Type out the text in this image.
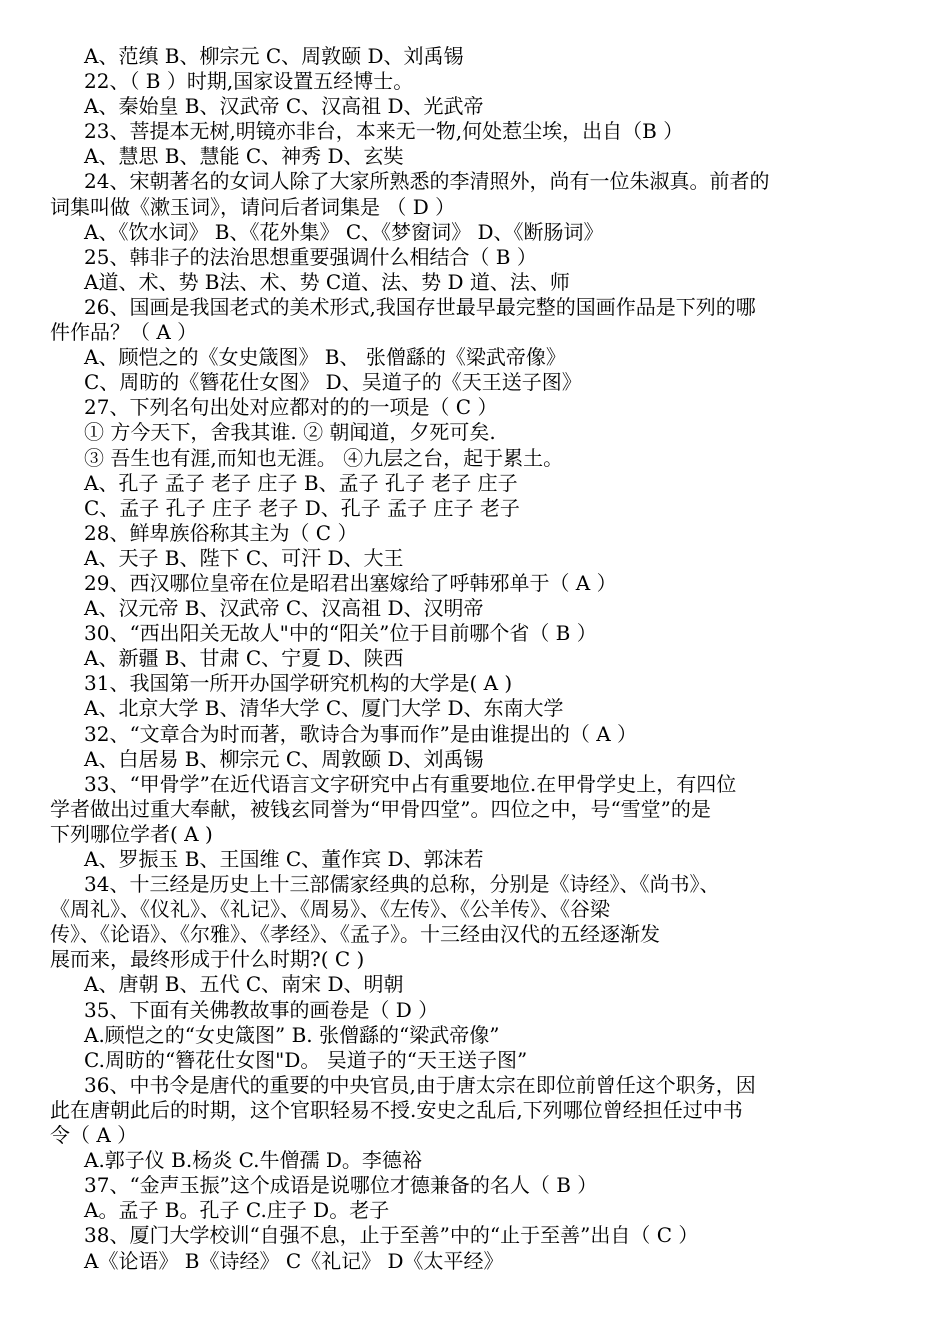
A、范缜 B、柳宗元 C、周敦颐 D、刘禹锡
22、（ B ）时期,国家设置五经博士。
A、秦始皇 B、汉武帝 C、汉高祖 D、光武帝
23、菩提本无树,明镜亦非台，本来无一物,何处惹尘埃，出自（B ）
A、慧思 B、慧能 C、神秀 D、玄奘
24、宋朝著名的女词人除了大家所熟悉的李清照外，尚有一位朱淑真。前者的
词集叫做《漱玉词》，请问后者词集是 （ D ）
A、《饮水词》 B、《花外集》 C、《梦窗词》 D、《断肠词》
25、韩非子的法治思想重要强调什么相结合（ B ）
A道、术、势 B法、术、势 C道、法、势 D 道、法、师
26、国画是我国老式的美术形式,我国存世最早最完整的国画作品是下列的哪
件作品？（ A ）
A、顾恺之的《女史箴图》 B、 张僧繇的《梁武帝像》
C、周昉的《簪花仕女图》 D、吴道子的《天王送子图》
27、下列名句出处对应都对的的一项是（ C ）
① 方今天下，舍我其谁. ② 朝闻道，夕死可矣.
③ 吾生也有涯,而知也无涯。 ④九层之台，起于累土。
A、孔子 孟子 老子 庄子 B、孟子 孔子 老子 庄子
C、孟子 孔子 庄子 老子 D、孔子 孟子 庄子 老子
28、鲜卑族俗称其主为（ C ）
A、天子 B、陛下 C、可汗 D、大王
29、西汉哪位皇帝在位是昭君出塞嫁给了呼韩邪单于（ A ）
A、汉元帝 B、汉武帝 C、汉高祖 D、汉明帝
30、“西出阳关无故人"中的“阳关”位于目前哪个省（ B ）
A、新疆 B、甘肃 C、宁夏 D、陕西
31、我国第一所开办国学研究机构的大学是( A )
A、北京大学 B、清华大学 C、厦门大学 D、东南大学
32、“文章合为时而著，歌诗合为事而作”是由谁提出的（ A ）
A、白居易 B、柳宗元 C、周敦颐 D、刘禹锡
33、“甲骨学”在近代语言文字研究中占有重要地位.在甲骨学史上，有四位
学者做出过重大奉献，被钱玄同誉为“甲骨四堂”。四位之中，号“雪堂”的是
下列哪位学者( A )
A、罗振玉 B、王国维 C、董作宾 D、郭沫若
34、十三经是历史上十三部儒家经典的总称，分别是《诗经》、《尚书》、
《周礼》、《仪礼》、《礼记》、《周易》、《左传》、《公羊传》、《谷梁
传》、《论语》、《尔雅》、《孝经》、《孟子》。十三经由汉代的五经逐渐发
展而来，最终形成于什么时期?( C )
A、唐朝 B、五代 C、南宋 D、明朝
35、下面有关佛教故事的画卷是（ D ）
A.顾恺之的“女史箴图” B. 张僧繇的“梁武帝像”
C.周昉的“簪花仕女图"D。 吴道子的“天王送子图”
36、中书令是唐代的重要的中央官员,由于唐太宗在即位前曾任这个职务，因
此在唐朝此后的时期，这个官职轻易不授.安史之乱后,下列哪位曾经担任过中书
令（ A ）
A.郭子仪 B.杨炎 C.牛僧孺 D。李德裕
37、“金声玉振”这个成语是说哪位才德兼备的名人（ B ）
A。孟子 B。孔子 C.庄子 D。老子
38、厦门大学校训“自强不息，止于至善”中的“止于至善”出自（ C ）
A《论语》 B《诗经》 C《礼记》 D《太平经》
